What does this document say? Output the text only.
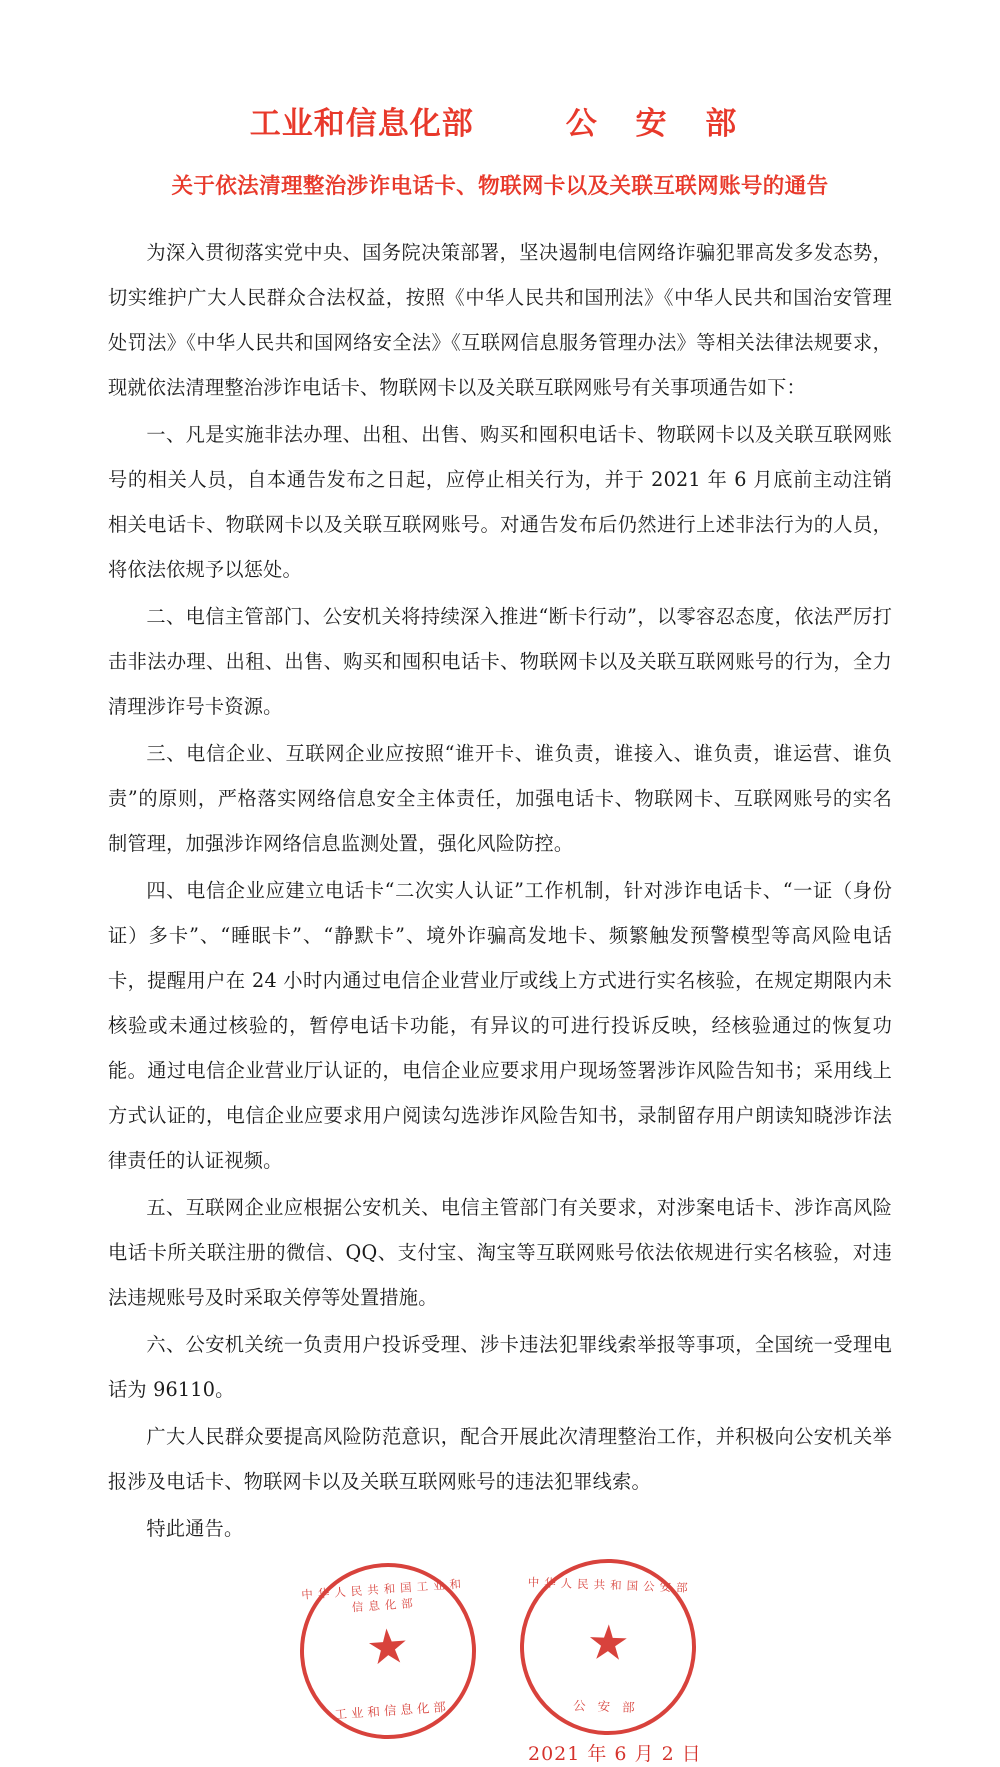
工业和信息化部	公 安 部
关于依法清理整治涉诈电话卡、物联网卡以及关联互联网账号的通告

为深入贯彻落实党中央、国务院决策部署，坚决遏制电信网络诈骗犯罪高发多发态势，切实维护广大人民群众合法权益，按照《中华人民共和国刑法》《中华人民共和国治安管理处罚法》《中华人民共和国网络安全法》《互联网信息服务管理办法》等相关法律法规要求，现就依法清理整治涉诈电话卡、物联网卡以及关联互联网账号有关事项通告如下：

一、凡是实施非法办理、出租、出售、购买和囤积电话卡、物联网卡以及关联互联网账号的相关人员，自本通告发布之日起，应停止相关行为，并于 2021 年 6 月底前主动注销相关电话卡、物联网卡以及关联互联网账号。对通告发布后仍然进行上述非法行为的人员，将依法依规予以惩处。

二、电信主管部门、公安机关将持续深入推进“断卡行动”，以零容忍态度，依法严厉打击非法办理、出租、出售、购买和囤积电话卡、物联网卡以及关联互联网账号的行为，全力清理涉诈号卡资源。

三、电信企业、互联网企业应按照“谁开卡、谁负责，谁接入、谁负责，谁运营、谁负责”的原则，严格落实网络信息安全主体责任，加强电话卡、物联网卡、互联网账号的实名制管理，加强涉诈网络信息监测处置，强化风险防控。

四、电信企业应建立电话卡“二次实人认证”工作机制，针对涉诈电话卡、“一证（身份证）多卡”、“睡眠卡”、“静默卡”、境外诈骗高发地卡、频繁触发预警模型等高风险电话卡，提醒用户在 24 小时内通过电信企业营业厅或线上方式进行实名核验，在规定期限内未核验或未通过核验的，暂停电话卡功能，有异议的可进行投诉反映，经核验通过的恢复功能。通过电信企业营业厅认证的，电信企业应要求用户现场签署涉诈风险告知书；采用线上方式认证的，电信企业应要求用户阅读勾选涉诈风险告知书，录制留存用户朗读知晓涉诈法律责任的认证视频。

五、互联网企业应根据公安机关、电信主管部门有关要求，对涉案电话卡、涉诈高风险电话卡所关联注册的微信、QQ、支付宝、淘宝等互联网账号依法依规进行实名核验，对违法违规账号及时采取关停等处置措施。

六、公安机关统一负责用户投诉受理、涉卡违法犯罪线索举报等事项，全国统一受理电话为 96110。

广大人民群众要提高风险防范意识，配合开展此次清理整治工作，并积极向公安机关举报涉及电话卡、物联网卡以及关联互联网账号的违法犯罪线索。

特此通告。

中华人民共和国工业和信息化部
★
工业和信息化部
中华人民共和国公安部
★
公 安 部
2021 年 6 月 2 日
